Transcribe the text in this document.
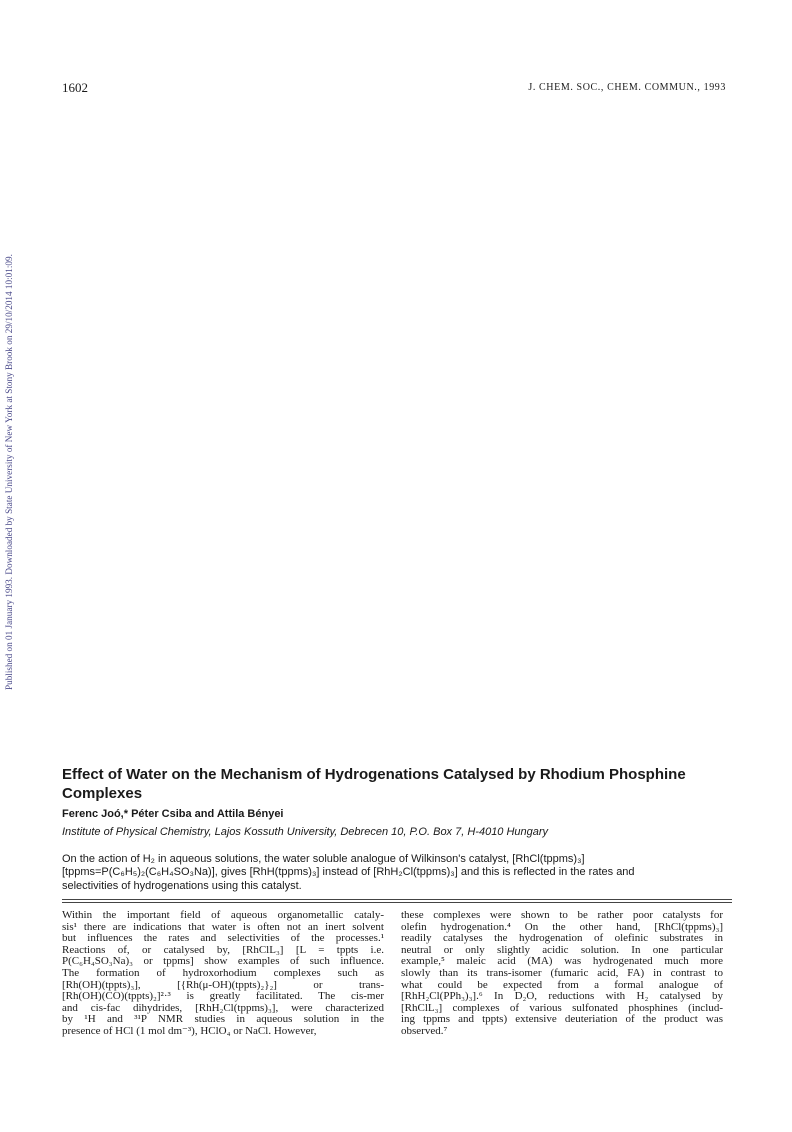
1602	J. CHEM. SOC., CHEM. COMMUN., 1993
Published on 01 January 1993. Downloaded by State University of New York at Stony Brook on 29/10/2014 10:01:09.
Effect of Water on the Mechanism of Hydrogenations Catalysed by Rhodium Phosphine Complexes
Ferenc Joó,* Péter Csiba and Attila Bényei
Institute of Physical Chemistry, Lajos Kossuth University, Debrecen 10, P.O. Box 7, H-4010 Hungary
On the action of H₂ in aqueous solutions, the water soluble analogue of Wilkinson's catalyst, [RhCl(tppms)₃]
[tppms=P(C₆H₅)₂(C₆H₄SO₃Na)], gives [RhH(tppms)₃] instead of [RhH₂Cl(tppms)₃] and this is reflected in the rates and
selectivities of hydrogenations using this catalyst.
Within the important field of aqueous organometallic cataly-
sis¹ there are indications that water is often not an inert solvent
but influences the rates and selectivities of the processes.¹
Reactions of, or catalysed by, [RhClL₃] [L = tppts i.e.
P(C₆H₄SO₃Na)₃ or tppms] show examples of such influence.
The formation of hydroxorhodium complexes such as
[Rh(OH)(tppts)₃], [{Rh(μ-OH)(tppts)₂}₂] or trans-
[Rh(OH)(CO)(tppts)₂]²·³ is greatly facilitated. The cis-mer
and cis-fac dihydrides, [RhH₂Cl(tppms)₃], were characterized
by ¹H and ³¹P NMR studies in aqueous solution in the
presence of HCl (1 mol dm⁻³), HClO₄ or NaCl. However,
these complexes were shown to be rather poor catalysts for
olefin hydrogenation.⁴ On the other hand, [RhCl(tppms)₃]
readily catalyses the hydrogenation of olefinic substrates in
neutral or only slightly acidic solution. In one particular
example,⁵ maleic acid (MA) was hydrogenated much more
slowly than its trans-isomer (fumaric acid, FA) in contrast to
what could be expected from a formal analogue of
[RhH₂Cl(PPh₃)₃].⁶ In D₂O, reductions with H₂ catalysed by
[RhClL₃] complexes of various sulfonated phosphines (includ-
ing tppms and tppts) extensive deuteriation of the product was
observed.⁷
